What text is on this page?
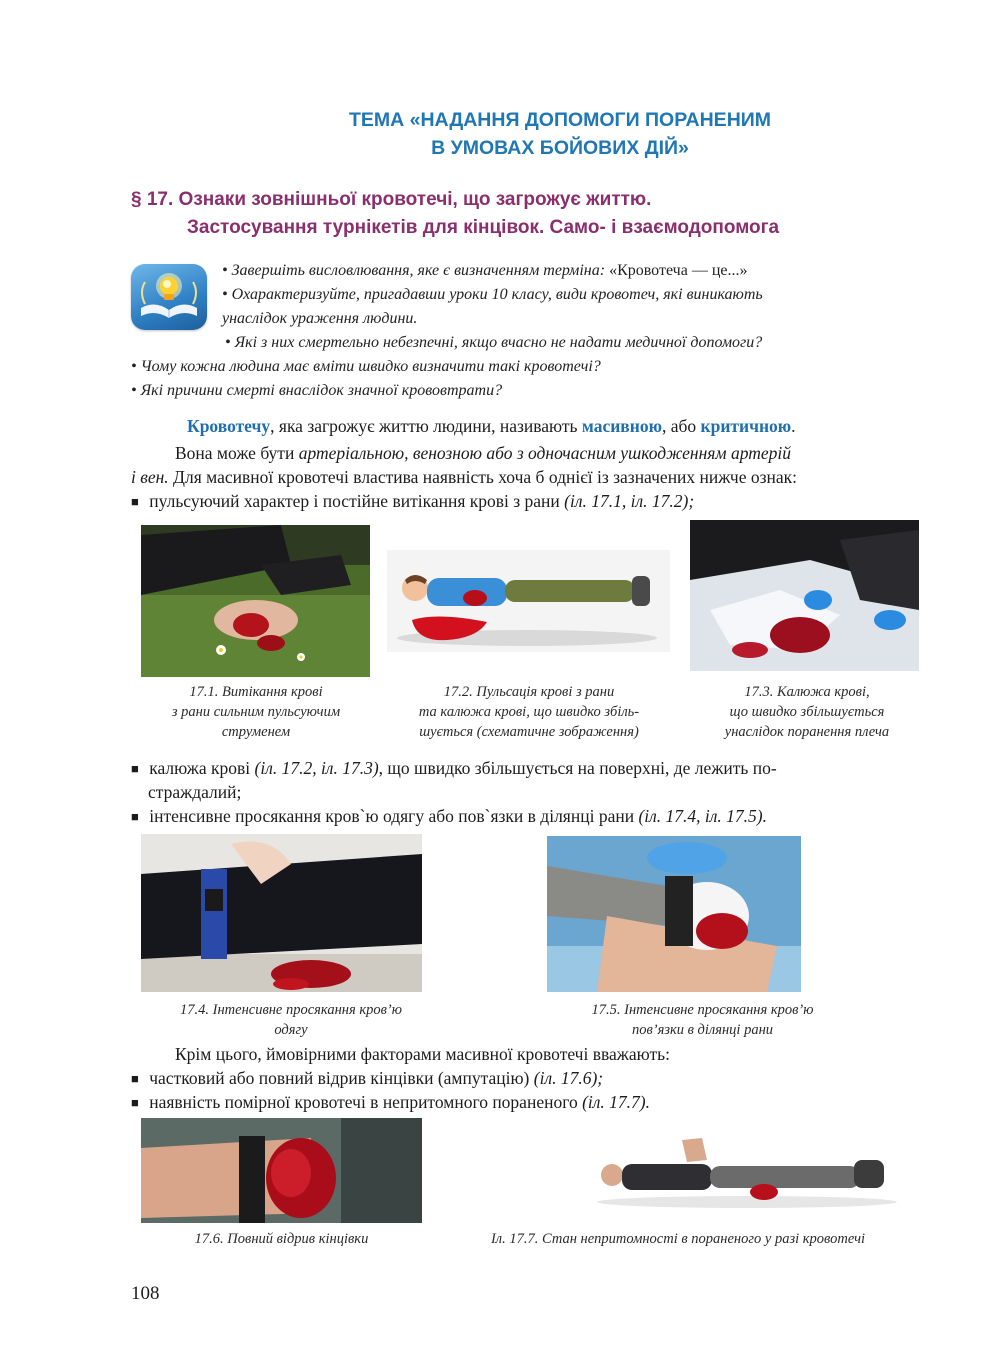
ТЕМА «НАДАННЯ ДОПОМОГИ ПОРАНЕНИМ
В УМОВАХ БОЙОВИХ ДІЙ»
§ 17. Ознаки зовнішньої кровотечі, що загрожує життю.
Застосування турнікетів для кінцівок. Само- і взаємодопомога
• Завершіть висловлювання, яке є визначенням терміна: «Кровотеча — це...»
• Охарактеризуйте, пригадавши уроки 10 класу, види кровотеч, які виникають
унаслідок ураження людини.
• Які з них смертельно небезпечні, якщо вчасно не надати медичної допомоги?
• Чому кожна людина має вміти швидко визначити такі кровотечі?
• Які причини смерті внаслідок значної крововтрати?
Кровотечу, яка загрожує життю людини, називають масивною, або критичною.
Вона може бути артеріальною, венозною або з одночасним ушкодженням артерій
і вен. Для масивної кровотечі властива наявність хоча б однієї із зазначених нижче ознак:
■ пульсуючий характер і постійне витікання крові з рани (іл. 17.1, іл. 17.2);
17.1. Витікання крові
з рани сильним пульсуючим
струменем
17.2. Пульсація крові з рани
та калюжа крові, що швидко збіль-
шується (схематичне зображення)
17.3. Калюжа крові,
що швидко збільшується
унаслідок поранення плеча
■ калюжа крові (іл. 17.2, іл. 17.3), що швидко збільшується на поверхні, де лежить по-
страждалий;
■ інтенсивне просякання кров`ю одягу або пов`язки в ділянці рани (іл. 17.4, іл. 17.5).
17.4. Інтенсивне просякання кров’ю
одягу
17.5. Інтенсивне просякання кров’ю
пов’язки в ділянці рани
Крім цього, ймовірними факторами масивної кровотечі вважають:
■ частковий або повний відрив кінцівки (ампутацію) (іл. 17.6);
■ наявність помірної кровотечі в непритомного пораненого (іл. 17.7).
17.6. Повний відрив кінцівки	Іл. 17.7. Стан непритомності в пораненого у разі кровотечі
108
